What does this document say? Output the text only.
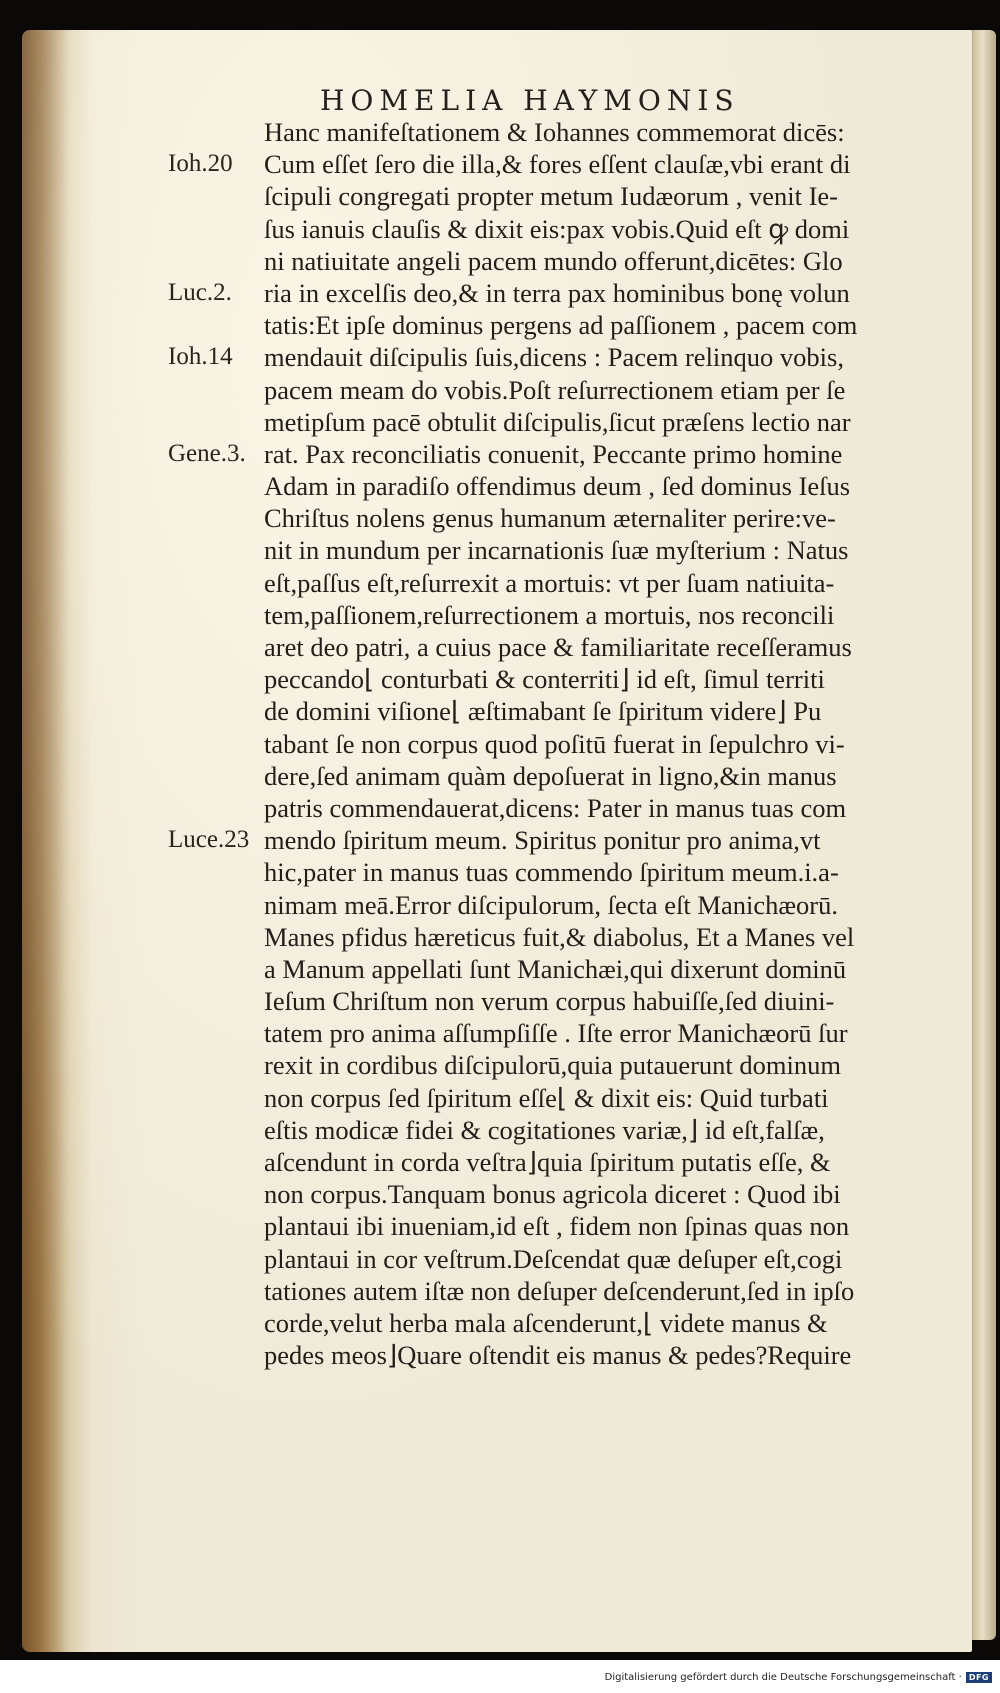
HOMELIA HAYMONIS
Hanc manifeſtationem & Iohannes commemorat dicēs:
Cum eſſet ſero die illa,& fores eſſent clauſæ,vbi erant di
ſcipuli congregati propter metum Iudæorum , venit Ie-
ſus ianuis clauſis & dixit eis:pax vobis.Quid eſt ꝙ domi
ni natiuitate angeli pacem mundo offerunt,dicētes: Glo
ria in excelſis deo,& in terra pax hominibus bonę volun
tatis:Et ipſe dominus pergens ad paſſionem , pacem com
mendauit diſcipulis ſuis,dicens : Pacem relinquo vobis,
pacem meam do vobis.Poſt reſurrectionem etiam per ſe
metipſum pacē obtulit diſcipulis,ſicut præſens lectio nar
rat. Pax reconciliatis conuenit, Peccante primo homine
Adam in paradiſo offendimus deum , ſed dominus Ieſus
Chriſtus nolens genus humanum æternaliter perire:ve-
nit in mundum per incarnationis ſuæ myſterium : Natus
eſt,paſſus eſt,reſurrexit a mortuis: vt per ſuam natiuita-
tem,paſſionem,reſurrectionem a mortuis, nos reconcili
aret deo patri, a cuius pace & familiaritate receſſeramus
peccando⌊ conturbati & conterriti⌋ id eſt, ſimul territi
de domini viſione⌊ æſtimabant ſe ſpiritum videre⌋ Pu
tabant ſe non corpus quod poſitū fuerat in ſepulchro vi-
dere,ſed animam quàm depoſuerat in ligno,&in manus
patris commendauerat,dicens: Pater in manus tuas com
mendo ſpiritum meum. Spiritus ponitur pro anima,vt
hic,pater in manus tuas commendo ſpiritum meum.i.a-
nimam meā.Error diſcipulorum, ſecta eſt Manichæorū.
Manes pfidus hæreticus fuit,& diabolus, Et a Manes vel
a Manum appellati ſunt Manichæi,qui dixerunt dominū
Ieſum Chriſtum non verum corpus habuiſſe,ſed diuini-
tatem pro anima aſſumpſiſſe . Iſte error Manichæorū ſur
rexit in cordibus diſcipulorū,quia putauerunt dominum
non corpus ſed ſpiritum eſſe⌊ & dixit eis: Quid turbati
eſtis modicæ fidei & cogitationes variæ,⌋ id eſt,falſæ,
aſcendunt in corda veſtra⌋quia ſpiritum putatis eſſe, &
non corpus.Tanquam bonus agricola diceret : Quod ibi
plantaui ibi inueniam,id eſt , fidem non ſpinas quas non
plantaui in cor veſtrum.Deſcendat quæ deſuper eſt,cogi
tationes autem iſtæ non deſuper deſcenderunt,ſed in ipſo
corde,velut herba mala aſcenderunt,⌊ videte manus &
pedes meos⌋Quare oſtendit eis manus & pedes?Require
Ioh.20
Luc.2.
Ioh.14
Gene.3.
Luce.23
Digitalisierung gefördert durch die Deutsche Forschungsgemeinschaft · DFG
